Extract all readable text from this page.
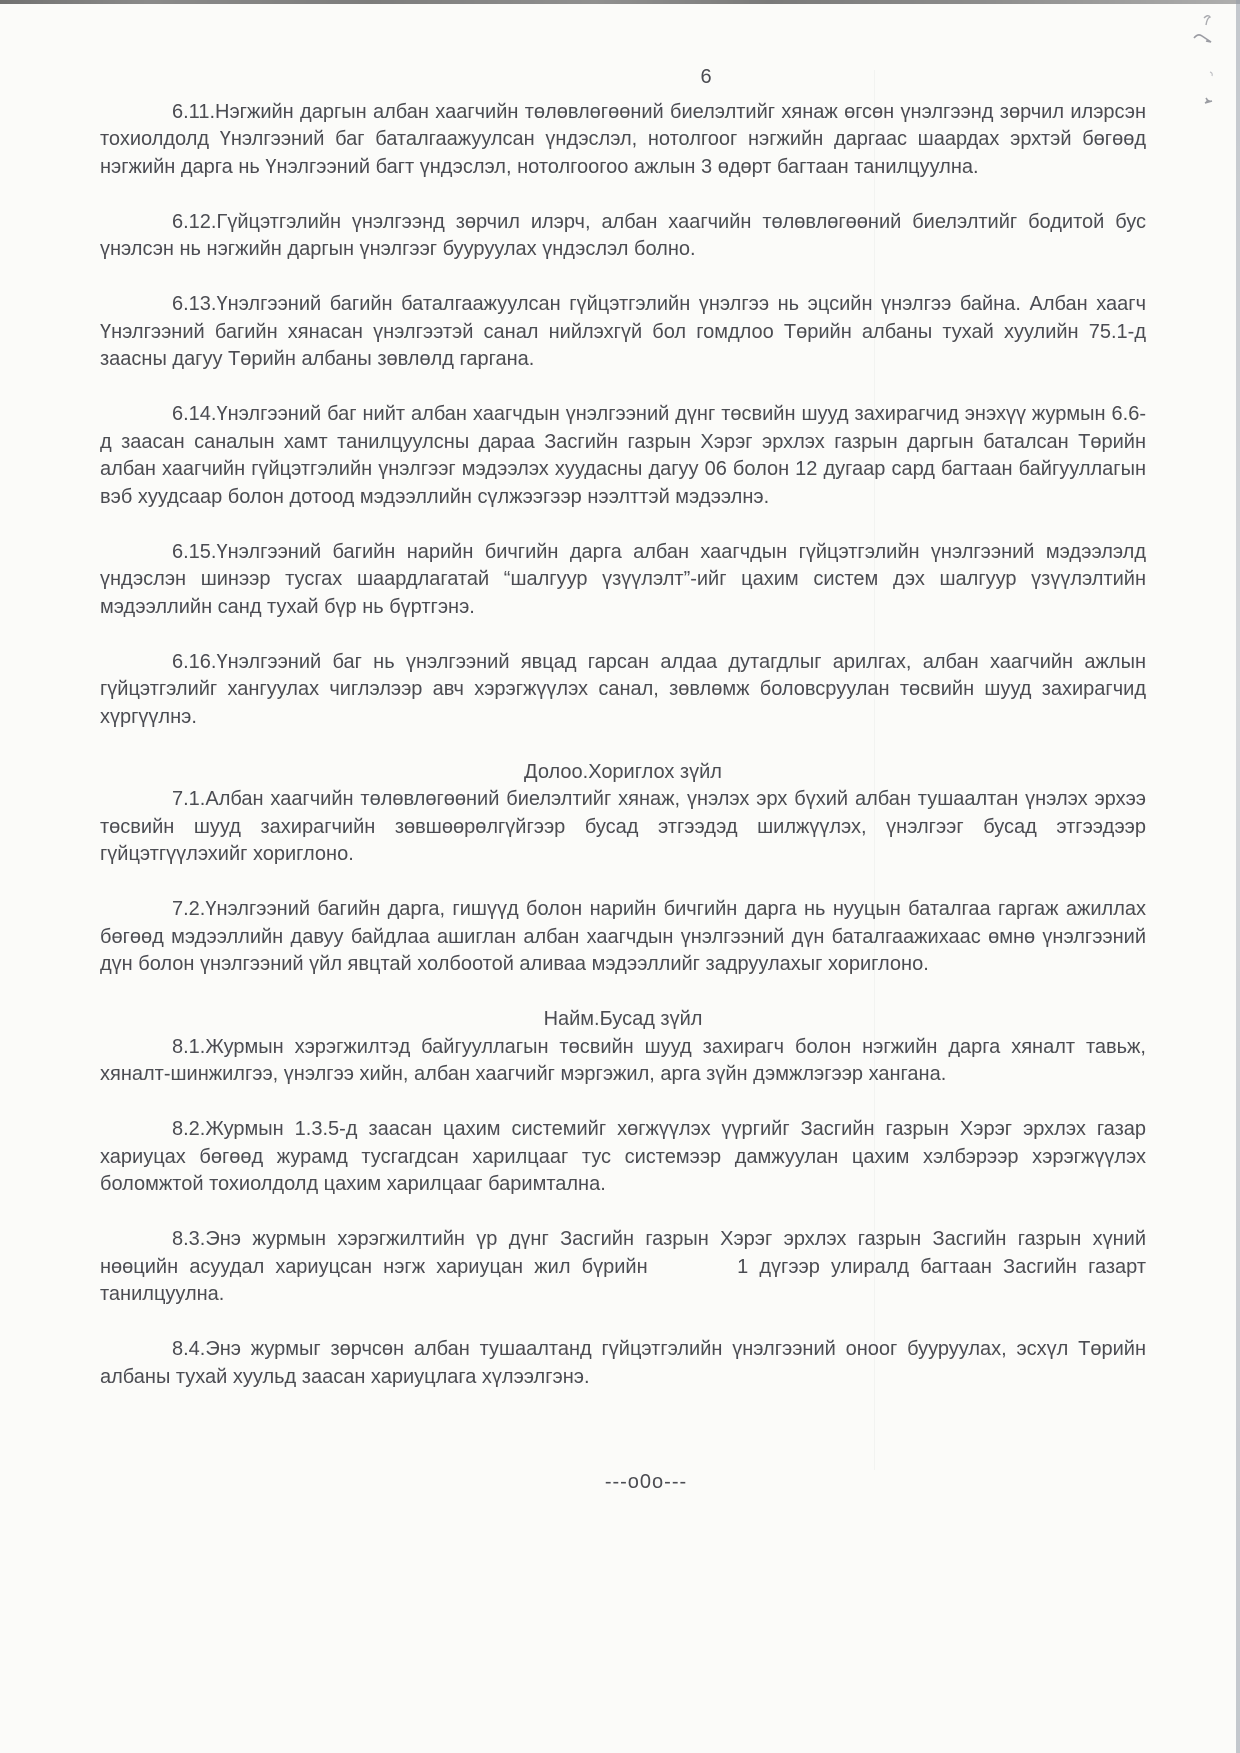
6

6.11.Нэгжийн даргын албан хаагчийн төлөвлөгөөний биелэлтийг хянаж өгсөн үнэлгээнд зөрчил илэрсэн тохиолдолд Үнэлгээний баг баталгаажуулсан үндэслэл, нотолгоог нэгжийн даргаас шаардах эрхтэй бөгөөд нэгжийн дарга нь Үнэлгээний багт үндэслэл, нотолгоогоо ажлын 3 өдөрт багтаан танилцуулна.

6.12.Гүйцэтгэлийн үнэлгээнд зөрчил илэрч, албан хаагчийн төлөвлөгөөний биелэлтийг бодитой бус үнэлсэн нь нэгжийн даргын үнэлгээг бууруулах үндэслэл болно.

6.13.Үнэлгээний багийн баталгаажуулсан гүйцэтгэлийн үнэлгээ нь эцсийн үнэлгээ байна. Албан хаагч Үнэлгээний багийн хянасан үнэлгээтэй санал нийлэхгүй бол гомдлоо Төрийн албаны тухай хуулийн 75.1-д заасны дагуу Төрийн албаны зөвлөлд гаргана.

6.14.Үнэлгээний баг нийт албан хаагчдын үнэлгээний дүнг төсвийн шууд захирагчид энэхүү журмын 6.6-д заасан саналын хамт танилцуулсны дараа Засгийн газрын Хэрэг эрхлэх газрын даргын баталсан Төрийн албан хаагчийн гүйцэтгэлийн үнэлгээг мэдээлэх хуудасны дагуу 06 болон 12 дугаар сард багтаан байгууллагын вэб хуудсаар болон дотоод мэдээллийн сүлжээгээр нээлттэй мэдээлнэ.

6.15.Үнэлгээний багийн нарийн бичгийн дарга албан хаагчдын гүйцэтгэлийн үнэлгээний мэдээлэлд үндэслэн шинээр тусгах шаардлагатай “шалгуур үзүүлэлт”-ийг цахим систем дэх шалгуур үзүүлэлтийн мэдээллийн санд тухай бүр нь бүртгэнэ.

6.16.Үнэлгээний баг нь үнэлгээний явцад гарсан алдаа дутагдлыг арилгах, албан хаагчийн ажлын гүйцэтгэлийг хангуулах чиглэлээр авч хэрэгжүүлэх санал, зөвлөмж боловсруулан төсвийн шууд захирагчид хүргүүлнэ.

Долоо.Хориглох зүйл

7.1.Албан хаагчийн төлөвлөгөөний биелэлтийг хянаж, үнэлэх эрх бүхий албан тушаалтан үнэлэх эрхээ төсвийн шууд захирагчийн зөвшөөрөлгүйгээр бусад этгээдэд шилжүүлэх, үнэлгээг бусад этгээдээр гүйцэтгүүлэхийг хориглоно.

7.2.Үнэлгээний багийн дарга, гишүүд болон нарийн бичгийн дарга нь нууцын баталгаа гаргаж ажиллах бөгөөд мэдээллийн давуу байдлаа ашиглан албан хаагчдын үнэлгээний дүн баталгаажихаас өмнө үнэлгээний дүн болон үнэлгээний үйл явцтай холбоотой аливаа мэдээллийг задруулахыг хориглоно.

Найм.Бусад зүйл

8.1.Журмын хэрэгжилтэд байгууллагын төсвийн шууд захирагч болон нэгжийн дарга хяналт тавьж, хяналт-шинжилгээ, үнэлгээ хийн, албан хаагчийг мэргэжил, арга зүйн дэмжлэгээр хангана.

8.2.Журмын 1.3.5-д заасан цахим системийг хөгжүүлэх үүргийг Засгийн газрын Хэрэг эрхлэх газар хариуцах бөгөөд журамд тусгагдсан харилцааг тус системээр дамжуулан цахим хэлбэрээр хэрэгжүүлэх боломжтой тохиолдолд цахим харилцааг баримтална.

8.3.Энэ журмын хэрэгжилтийн үр дүнг Засгийн газрын Хэрэг эрхлэх газрын Засгийн газрын хүний нөөцийн асуудал хариуцсан нэгж хариуцан жил бүрийн        1 дүгээр улиралд багтаан Засгийн газарт танилцуулна.

8.4.Энэ журмыг зөрчсөн албан тушаалтанд гүйцэтгэлийн үнэлгээний оноог бууруулах, эсхүл Төрийн албаны тухай хуульд заасан хариуцлага хүлээлгэнэ.

---о0о---
